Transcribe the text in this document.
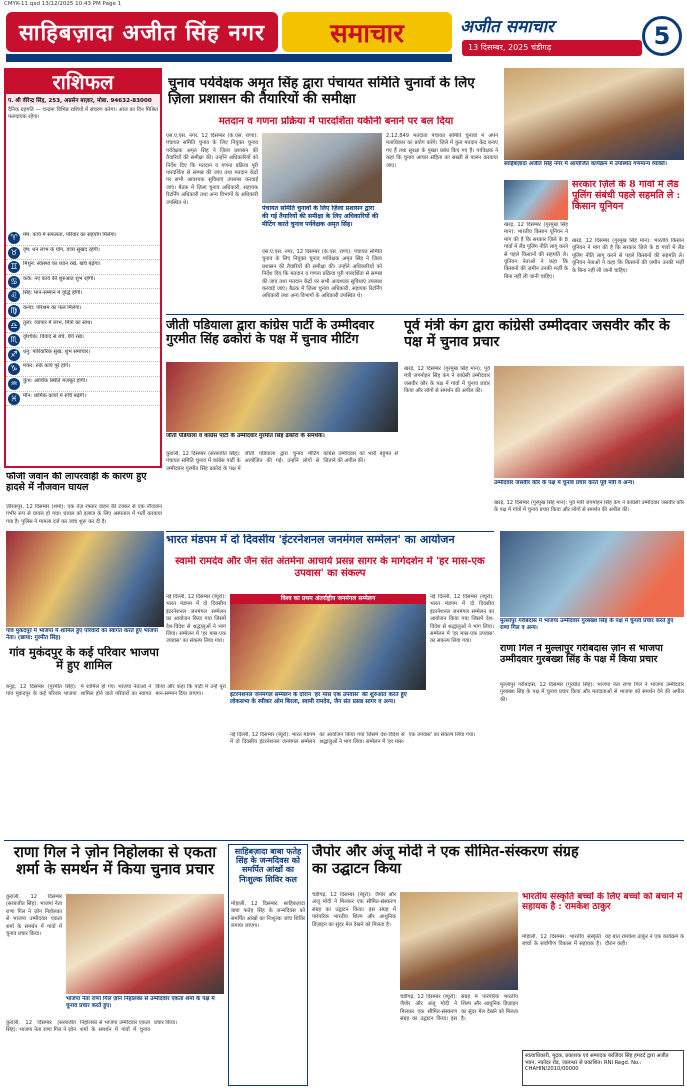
CMYK-11.qxd 13/12/2025 10:43 PM Page 1
साहिबज़ादा अजीत सिंह नगर	समाचार	अजीत समाचार
13 दिसम्बर, 2025 चंडीगढ़	5
राशिफल
प. श्री वीरेन्द्र सिंह, 253, अग्रसेन बाज़ार, मोबा. 94632-83000
दैनिक ग्रहगति — चन्द्रमा विभिन्न राशियों में संचरण करेगा। आज का दिन मिश्रित फलदायक रहेगा।
♈	मेष: कार्य में सफलता, परिवार का सहयोग मिलेगा।
♉	वृष: धन लाभ के योग, यात्रा सुखद रहेगी।
♊	मिथुन: स्वास्थ्य का ध्यान रखें, खर्च बढ़ेगा।
♋	कर्क: नए कार्य की शुरुआत शुभ रहेगी।
♌	सिंह: मान-सम्मान में वृद्धि होगी।
♍	कन्या: परिश्रम का फल मिलेगा।
♎	तुला: व्यापार में लाभ, मित्रों का साथ।
♏	वृश्चिक: विवाद से बचें, धैर्य रखें।
♐	धनु: पारिवारिक सुख, शुभ समाचार।
♑	मकर: रुके कार्य पूरे होंगे।
♒	कुंभ: आर्थिक स्थिति मज़बूत होगी।
♓	मीन: धार्मिक कार्यों में रुचि बढ़ेगी।
चुनाव पर्यवेक्षक अमृत सिंह द्वारा पंचायत समिति चुनावों के लिए ज़िला प्रशासन की तैयारियों की समीक्षा
मतदान व गणना प्रक्रिया में पारदर्शिता यकीनी बनाने पर बल दिया
एस.ए.एस. नगर, 12 दिसम्बर (के.एस. राणा): पंचायत समिति चुनाव के लिए नियुक्त चुनाव पर्यवेक्षक अमृत सिंह ने ज़िला प्रशासन की तैयारियों की समीक्षा की। उन्होंने अधिकारियों को निर्देश दिए कि मतदान व गणना प्रक्रिया पूरी पारदर्शिता से सम्पन्न की जाए तथा मतदान केंद्रों पर सभी आवश्यक सुविधाएं उपलब्ध करवाई जाएं। बैठक में ज़िला चुनाव अधिकारी, सहायक रिटर्निंग अधिकारी तथा अन्य विभागों के अधिकारी उपस्थित थे।
पंचायत समिति चुनावों के लिए ज़िला प्रशासन द्वारा की गई तैयारियों की समीक्षा के लिए अधिकारियों की मीटिंग करते चुनाव पर्यवेक्षक अमृत सिंह।
एस.ए.एस. नगर, 12 दिसम्बर (के.एस. राणा): पंचायत समिति चुनाव के लिए नियुक्त चुनाव पर्यवेक्षक अमृत सिंह ने ज़िला प्रशासन की तैयारियों की समीक्षा की। उन्होंने अधिकारियों को निर्देश दिए कि मतदान व गणना प्रक्रिया पूरी पारदर्शिता से सम्पन्न की जाए तथा मतदान केंद्रों पर सभी आवश्यक सुविधाएं उपलब्ध करवाई जाएं। बैठक में ज़िला चुनाव अधिकारी, सहायक रिटर्निंग अधिकारी तथा अन्य विभागों के अधिकारी उपस्थित थे।
2,12,849 मतदाता पंचायत समिति चुनावों में अपने मताधिकार का प्रयोग करेंगे। ज़िले में कुल मतदान केंद्र बनाए गए हैं तथा सुरक्षा के पुख्ता प्रबंध किए गए हैं। पर्यवेक्षक ने कहा कि चुनाव आचार संहिता का सख्ती से पालन करवाया जाए।	साहिबज़ादा अजीत सिंह नगर में आयोजित कार्यक्रम में उपस्थित गणमान्य व्यक्ति।
सरकार ज़िले के 8 गांवों में लैंड पूलिंग संबंधी पहले सहमति ले : किसान यूनियन
खरड़, 12 दिसम्बर (गुरमुख सिंह मान): भारतीय किसान यूनियन ने मांग की है कि सरकार ज़िले के 8 गांवों में लैंड पूलिंग नीति लागू करने से पहले किसानों की सहमति ले। यूनियन नेताओं ने कहा कि किसानों की ज़मीन उनकी मर्ज़ी के बिना नहीं ली जानी चाहिए।
खरड़, 12 दिसम्बर (गुरमुख सिंह मान): भारतीय किसान यूनियन ने मांग की है कि सरकार ज़िले के 8 गांवों में लैंड पूलिंग नीति लागू करने से पहले किसानों की सहमति ले। यूनियन नेताओं ने कहा कि किसानों की ज़मीन उनकी मर्ज़ी के बिना नहीं ली जानी चाहिए।
जीती पडियाला द्वारा कांग्रेस पार्टी के उम्मीदवार गुरमीत सिंह ढकोरां के पक्ष में चुनाव मीटिंग
जीती पडियाला व कांग्रेस पार्टी के उम्मीदवार गुरमीत सिंह ढकोरां के समर्थक।
कुराली, 12 दिसम्बर (सरबजीत सिंह): पंचायत समिति चुनाव में कांग्रेस पार्टी के उम्मीदवार गुरमीत सिंह ढकोरां के पक्ष में जीती पडियाला द्वारा चुनाव मीटिंग आयोजित की गई। उन्होंने लोगों से कांग्रेस उम्मीदवार को भारी बहुमत से जिताने की अपील की।
पूर्व मंत्री कंग द्वारा कांग्रेसी उम्मीदवार जसवीर कौर के पक्ष में चुनाव प्रचार
खरड़, 12 दिसम्बर (गुरमुख सिंह मान): पूर्व मंत्री जगमोहन सिंह कंग ने कांग्रेसी उम्मीदवार जसवीर कौर के पक्ष में गांवों में चुनाव प्रचार किया और लोगों से समर्थन की अपील की।
उम्मीदवार जसवीर कौर के पक्ष में चुनाव प्रचार करते पूर्व मंत्री व अन्य।
खरड़, 12 दिसम्बर (गुरमुख सिंह मान): पूर्व मंत्री जगमोहन सिंह कंग ने कांग्रेसी उम्मीदवार जसवीर कौर के पक्ष में गांवों में चुनाव प्रचार किया और लोगों से समर्थन की अपील की।
फौजी जवान की लापरवाही के कारण हुए हादसे में नौजवान घायल
ज़ीरकपुर, 12 दिसम्बर (शर्मा): एक तेज़ रफ्तार वाहन की टक्कर से एक नौजवान गंभीर रूप से घायल हो गया। घायल को इलाज के लिए अस्पताल में भर्ती करवाया गया है। पुलिस ने मामला दर्ज कर जांच शुरू कर दी है।
गांव मुकंदपुर में भाजपा में शामिल हुए परिवारों का स्वागत करते हुए भाजपा नेता। (छाया: गुरमीत सिंह)
भारत मंडपम में दो दिवसीय 'इंटरनेशनल जनमंगल सम्मेलन' का आयोजन
स्वामी रामदेव और जैन संत अंतर्मना आचार्य प्रसन्न सागर के मार्गदर्शन में 'हर मास-एक उपवास' का संकल्प
नई दिल्ली, 12 दिसम्बर (ब्यूरो): भारत मंडपम में दो दिवसीय इंटरनेशनल जनमंगल सम्मेलन का आयोजन किया गया जिसमें देश-विदेश से श्रद्धालुओं ने भाग लिया। सम्मेलन में 'हर मास-एक उपवास' का संकल्प लिया गया।
विश्व का प्रथम अंतर्राष्ट्रीय जनमंगल सम्मेलन
इंटरनेशनल जनमंगल सम्मेलन के दौरान 'हर मास एक उपवास' की शुरुआत करते हुए लोकसभा के स्पीकर ओम बिरला, स्वामी रामदेव, जैन संत प्रसन्न सागर व अन्य।
नई दिल्ली, 12 दिसम्बर (ब्यूरो): भारत मंडपम में दो दिवसीय इंटरनेशनल जनमंगल सम्मेलन का आयोजन किया गया जिसमें देश-विदेश से श्रद्धालुओं ने भाग लिया। सम्मेलन में 'हर मास-एक उपवास' का संकल्प लिया गया।
नई दिल्ली, 12 दिसम्बर (ब्यूरो): भारत मंडपम में दो दिवसीय इंटरनेशनल जनमंगल सम्मेलन का आयोजन किया गया जिसमें देश-विदेश से श्रद्धालुओं ने भाग लिया। सम्मेलन में 'हर मास-एक उपवास' का संकल्प लिया गया।
गांव मुकंदपुर के कई परिवार भाजपा में हुए शामिल
बनूड़, 12 दिसम्बर (गुरमीत सिंह): गांव मुकंदपुर के कई परिवार भाजपा में शामिल हो गए। भाजपा नेताओं ने शामिल होने वाले परिवारों का स्वागत किया और कहा कि पार्टी में उन्हें पूरा मान-सम्मान दिया जाएगा।
मुल्लांपुर गरीबदास में भाजपा उम्मीदवार गुरबख्श सिंह के पक्ष में चुनाव प्रचार करते हुए राणा गिल व अन्य।
राणा गिल ने मुल्लांपुर गरीबदास ज़ोन से भाजपा उम्मीदवार गुरबख्श सिंह के पक्ष में किया प्रचार
मुल्लांपुर गरीबदास, 12 दिसम्बर (गुरप्रीत सिंह): भाजपा नेता राणा गिल ने भाजपा उम्मीदवार गुरबख्श सिंह के पक्ष में चुनाव प्रचार किया और मतदाताओं से भाजपा को समर्थन देने की अपील की।
राणा गिल ने ज़ोन निहोलका से एकता शर्मा के समर्थन में किया चुनाव प्रचार
कुराली, 12 दिसम्बर (सरबजीत सिंह): भाजपा नेता राणा गिल ने ज़ोन निहोलका से भाजपा उम्मीदवार एकता शर्मा के समर्थन में गांवों में चुनाव प्रचार किया।
भाजपा नेता राणा गिल ज़ोन निहोलका से उम्मीदवार एकता शर्मा के पक्ष में चुनाव प्रचार करते हुए।
कुराली, 12 दिसम्बर (सरबजीत सिंह): भाजपा नेता राणा गिल ने ज़ोन निहोलका से भाजपा उम्मीदवार एकता शर्मा के समर्थन में गांवों में चुनाव प्रचार किया।
साहिबज़ादा बाबा फतेह सिंह के जन्मदिवस को समर्पित आंखों का निःशुल्क शिविर कल
मोहाली, 12 दिसम्बर: साहिबज़ादा बाबा फतेह सिंह के जन्मदिवस को समर्पित आंखों का निःशुल्क जांच शिविर लगाया जाएगा।
जैपोर और अंजू मोदी ने एक सीमित-संस्करण संग्रह का उद्घाटन किया
चंडीगढ़, 12 दिसम्बर (ब्यूरो): जैपोर और अंजू मोदी ने मिलकर एक सीमित-संस्करण संग्रह का उद्घाटन किया। इस संग्रह में पारंपरिक भारतीय शिल्प और आधुनिक डिज़ाइन का सुंदर मेल देखने को मिलता है।
चंडीगढ़, 12 दिसम्बर (ब्यूरो): जैपोर और अंजू मोदी ने मिलकर एक सीमित-संस्करण संग्रह का उद्घाटन किया। इस संग्रह में पारंपरिक भारतीय शिल्प और आधुनिक डिज़ाइन का सुंदर मेल देखने को मिलता है।
भारतीय संस्कृति बच्चों के लिए बच्चों को बचाने में सहायक है : रामकेश ठाकुर
मोहाली, 12 दिसम्बर: भारतीय संस्कृति बच्चों के सर्वांगीण विकास में सहायक है। यह बात रामकेश ठाकुर ने एक कार्यक्रम के दौरान कही।
स्वत्वाधिकारी, मुद्रक, प्रकाशक एवं सम्पादक बरजिंदर सिंह हमदर्द द्वारा अजीत भवन, नकोदर रोड, जालन्धर से प्रकाशित। RNI Regd. No.: CHAHIN/2010/00000
